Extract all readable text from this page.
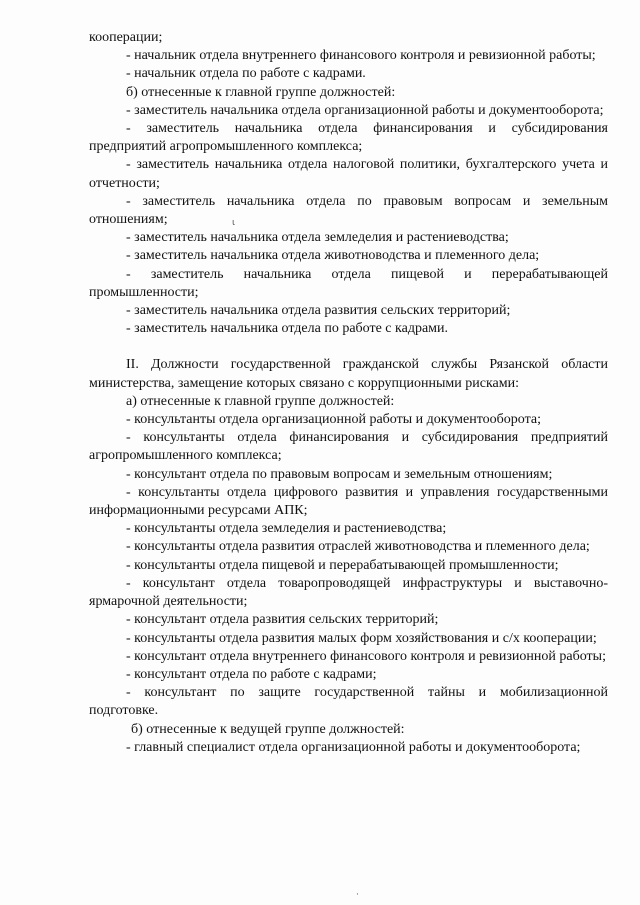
кооперации;

- начальник отдела внутреннего финансового контроля и ревизионной работы;

- начальник отдела по работе с кадрами.

б) отнесенные к главной группе должностей:

- заместитель начальника отдела организационной работы и документооборота;

- заместитель начальника отдела финансирования и субсидирования предприятий агропромышленного комплекса;

- заместитель начальника отдела налоговой политики, бухгалтерского учета и отчетности;

- заместитель начальника отдела по правовым вопросам и земельным отношениям;

- заместитель начальника отдела земледелия и растениеводства;

- заместитель начальника отдела животноводства и племенного дела;

- заместитель начальника отдела пищевой и перерабатывающей промышленности;

- заместитель начальника отдела развития сельских территорий;

- заместитель начальника отдела по работе с кадрами.

II. Должности государственной гражданской службы Рязанской области министерства, замещение которых связано с коррупционными рисками:

а) отнесенные к главной группе должностей:

- консультанты отдела организационной работы и документооборота;

- консультанты отдела финансирования и субсидирования предприятий агропромышленного комплекса;

- консультант отдела по правовым вопросам и земельным отношениям;

- консультанты отдела цифрового развития и управления государственными информационными ресурсами АПК;

- консультанты отдела земледелия и растениеводства;

- консультанты отдела развития отраслей животноводства и племенного дела;

- консультанты отдела пищевой и перерабатывающей промышленности;

- консультант отдела товаропроводящей инфраструктуры и выставочно-ярмарочной деятельности;

- консультант отдела развития сельских территорий;

- консультанты отдела развития малых форм хозяйствования и с/х кооперации;

- консультант отдела внутреннего финансового контроля и ревизионной работы;

- консультант отдела по работе с кадрами;

- консультант по защите государственной тайны и мобилизационной подготовке.

б) отнесенные к ведущей группе должностей:

- главный специалист отдела организационной работы и документооборота;

ι
·
